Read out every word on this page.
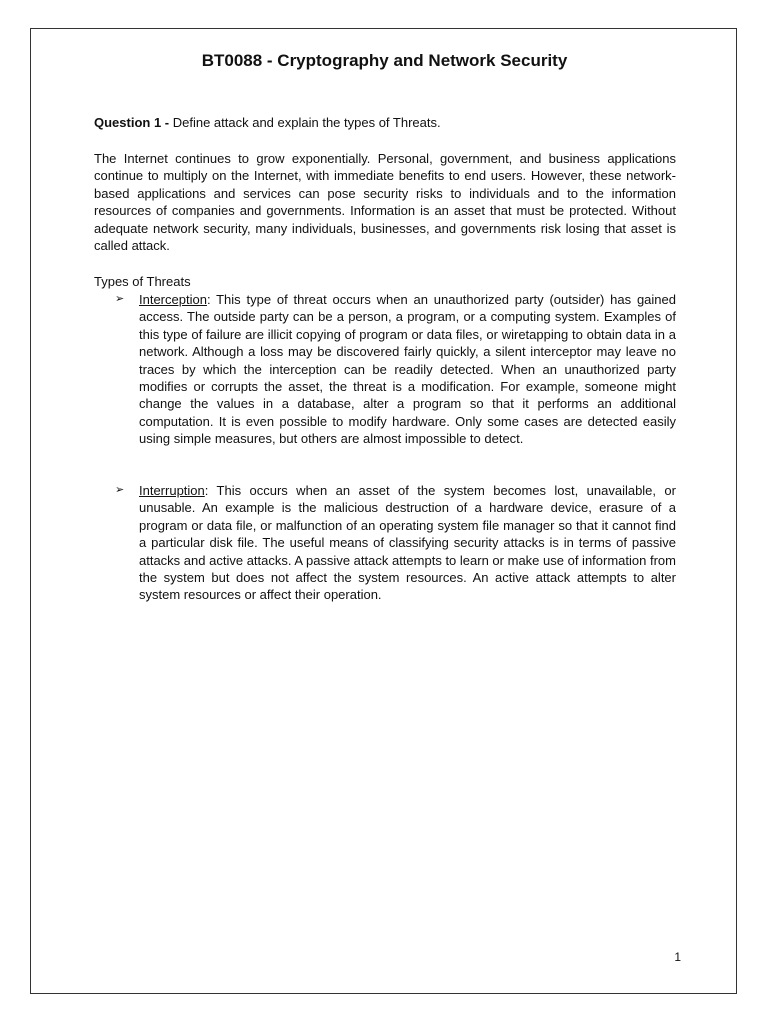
BT0088 - Cryptography and Network Security

Question 1 - Define attack and explain the types of Threats.

The Internet continues to grow exponentially. Personal, government, and business applications continue to multiply on the Internet, with immediate benefits to end users. However, these network-based applications and services can pose security risks to individuals and to the information resources of companies and governments. Information is an asset that must be protected. Without adequate network security, many individuals, businesses, and governments risk losing that asset is called attack.

Types of Threats

➢	Interception: This type of threat occurs when an unauthorized party (outsider) has gained access. The outside party can be a person, a program, or a computing system. Examples of this type of failure are illicit copying of program or data files, or wiretapping to obtain data in a network. Although a loss may be discovered fairly quickly, a silent interceptor may leave no traces by which the interception can be readily detected. When an unauthorized party modifies or corrupts the asset, the threat is a modification. For example, someone might change the values in a database, alter a program so that it performs an additional computation. It is even possible to modify hardware. Only some cases are detected easily using simple measures, but others are almost impossible to detect.

➢	Interruption: This occurs when an asset of the system becomes lost, unavailable, or unusable. An example is the malicious destruction of a hardware device, erasure of a program or data file, or malfunction of an operating system file manager so that it cannot find a particular disk file. The useful means of classifying security attacks is in terms of passive attacks and active attacks. A passive attack attempts to learn or make use of information from the system but does not affect the system resources. An active attack attempts to alter system resources or affect their operation.

1
